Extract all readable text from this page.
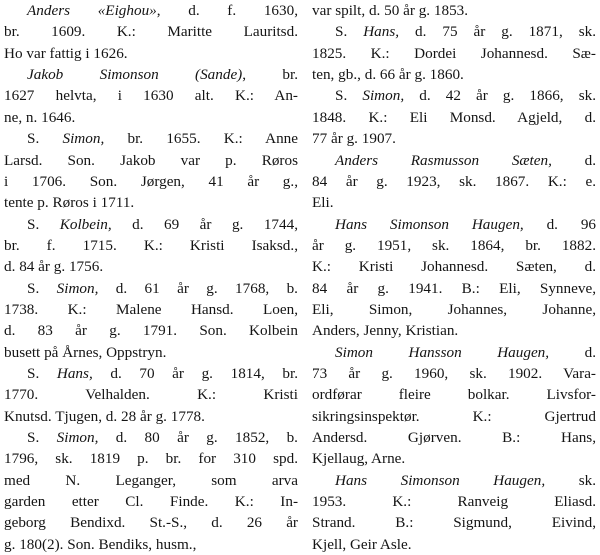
Anders «Eighou», d. f. 1630,
br. 1609. K.: Maritte Lauritsd.
Ho var fattig i 1626.
Jakob Simonson (Sande), br.
1627 helvta, i 1630 alt. K.: An-
ne, n. 1646.
S. Simon, br. 1655. K.: Anne
Larsd. Son. Jakob var p. Røros
i 1706. Son. Jørgen, 41 år g.,
tente p. Røros i 1711.
S. Kolbein, d. 69 år g. 1744,
br. f. 1715. K.: Kristi Isaksd.,
d. 84 år g. 1756.
S. Simon, d. 61 år g. 1768, b.
1738. K.: Malene Hansd. Loen,
d. 83 år g. 1791. Son. Kolbein
busett på Årnes, Oppstryn.
S. Hans, d. 70 år g. 1814, br.
1770. Velhalden. K.: Kristi
Knutsd. Tjugen, d. 28 år g. 1778.
S. Simon, d. 80 år g. 1852, b.
1796, sk. 1819 p. br. for 310 spd.
med N. Leganger, som arva
garden etter Cl. Finde. K.: In-
geborg Bendixd. St.-S., d. 26 år
g. 180(2). Son. Bendiks, husm.,
var spilt, d. 50 år g. 1853.
S. Hans, d. 75 år g. 1871, sk.
1825. K.: Dordei Johannesd. Sæ-
ten, gb., d. 66 år g. 1860.
S. Simon, d. 42 år g. 1866, sk.
1848. K.: Eli Monsd. Agjeld, d.
77 år g. 1907.
Anders Rasmusson Sæten, d.
84 år g. 1923, sk. 1867. K.: e.
Eli.
Hans Simonson Haugen, d. 96
år g. 1951, sk. 1864, br. 1882.
K.: Kristi Johannesd. Sæten, d.
84 år g. 1941. B.: Eli, Synneve,
Eli, Simon, Johannes, Johanne,
Anders, Jenny, Kristian.
Simon Hansson Haugen, d.
73 år g. 1960, sk. 1902. Vara-
ordførar fleire bolkar. Livsfor-
sikringsinspektør. K.: Gjertrud
Andersd. Gjørven. B.: Hans,
Kjellaug, Arne.
Hans Simonson Haugen, sk.
1953. K.: Ranveig Eliasd.
Strand. B.: Sigmund, Eivind,
Kjell, Geir Asle.
